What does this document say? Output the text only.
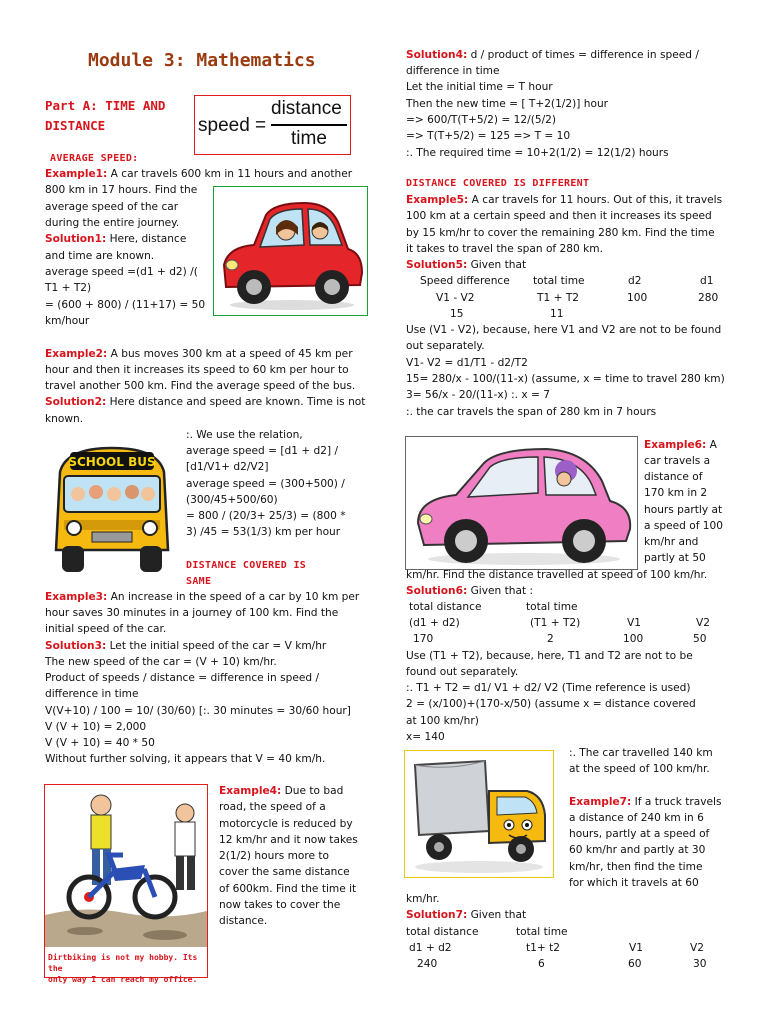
Module 3: Mathematics
Part A: TIME AND
DISTANCE	speed =
distance
time
AVERAGE SPEED:
Example1: A car travels 600 km in 11 hours and another
800 km in 17 hours. Find the
average speed of the car
during the entire journey.
Solution1: Here, distance
and time are known.
average speed =(d1 + d2) /(
T1 + T2)
= (600 + 800) / (11+17) = 50
km/hour
Example2: A bus moves 300 km at a speed of 45 km per
hour and then it increases its speed to 60 km per hour to
travel another 500 km. Find the average speed of the bus.
Solution2: Here distance and speed are known. Time is not
known.
SCHOOL BUS
:. We use the relation,
average speed = [d1 + d2] /
[d1/V1+ d2/V2]
average speed = (300+500) /
(300/45+500/60)
= 800 / (20/3+ 25/3) = (800 *
3) /45 = 53(1/3) km per hour
DISTANCE COVERED IS
SAME
Example3: An increase in the speed of a car by 10 km per
hour saves 30 minutes in a journey of 100 km. Find the
initial speed of the car.
Solution3: Let the initial speed of the car = V km/hr
The new speed of the car = (V + 10) km/hr.
Product of speeds / distance = difference in speed /
difference in time
V(V+10) / 100 = 10/ (30/60) [:. 30 minutes = 30/60 hour]
V (V + 10) = 2,000
V (V + 10) = 40 * 50
Without further solving, it appears that V = 40 km/h.
Dirtbiking is not my hobby. Its the
only way I can reach my office.
Example4: Due to bad
road, the speed of a
motorcycle is reduced by
12 km/hr and it now takes
2(1/2) hours more to
cover the same distance
of 600km. Find the time it
now takes to cover the
distance.
Solution4: d / product of times = difference in speed /
difference in time
Let the initial time = T hour
Then the new time = [ T+2(1/2)] hour
=> 600/T(T+5/2) = 12/(5/2)
=> T(T+5/2) = 125 => T = 10
:. The required time = 10+2(1/2) = 12(1/2) hours
DISTANCE COVERED IS DIFFERENT
Example5: A car travels for 11 hours. Out of this, it travels
100 km at a certain speed and then it increases its speed
by 15 km/hr to cover the remaining 280 km. Find the time
it takes to travel the span of 280 km.
Solution5: Given that
Speed difference total time	d2	d1
V1 - V2	T1 + T2	100	280
15	11
Use (V1 - V2), because, here V1 and V2 are not to be found
out separately.
V1- V2 = d1/T1 - d2/T2
15= 280/x - 100/(11-x) (assume, x = time to travel 280 km)
3= 56/x - 20/(11-x) :. x = 7
:. the car travels the span of 280 km in 7 hours
Example6: A
car travels a
distance of
170 km in 2
hours partly at
a speed of 100
km/hr and
partly at 50
km/hr. Find the distance travelled at speed of 100 km/hr.
Solution6: Given that :
total distance	total time
(d1 + d2)	(T1 + T2)	V1	V2
170	2	100	50
Use (T1 + T2), because, here, T1 and T2 are not to be
found out separately.
:. T1 + T2 = d1/ V1 + d2/ V2 (Time reference is used)
2 = (x/100)+(170-x/50) (assume x = distance covered
at 100 km/hr)
x= 140
:. The car travelled 140 km
at the speed of 100 km/hr.
Example7: If a truck travels
a distance of 240 km in 6
hours, partly at a speed of
60 km/hr and partly at 30
km/hr, then find the time
for which it travels at 60
km/hr.
Solution7: Given that
total distance	total time
d1 + d2	t1+ t2	V1	V2
240	6	60	30
